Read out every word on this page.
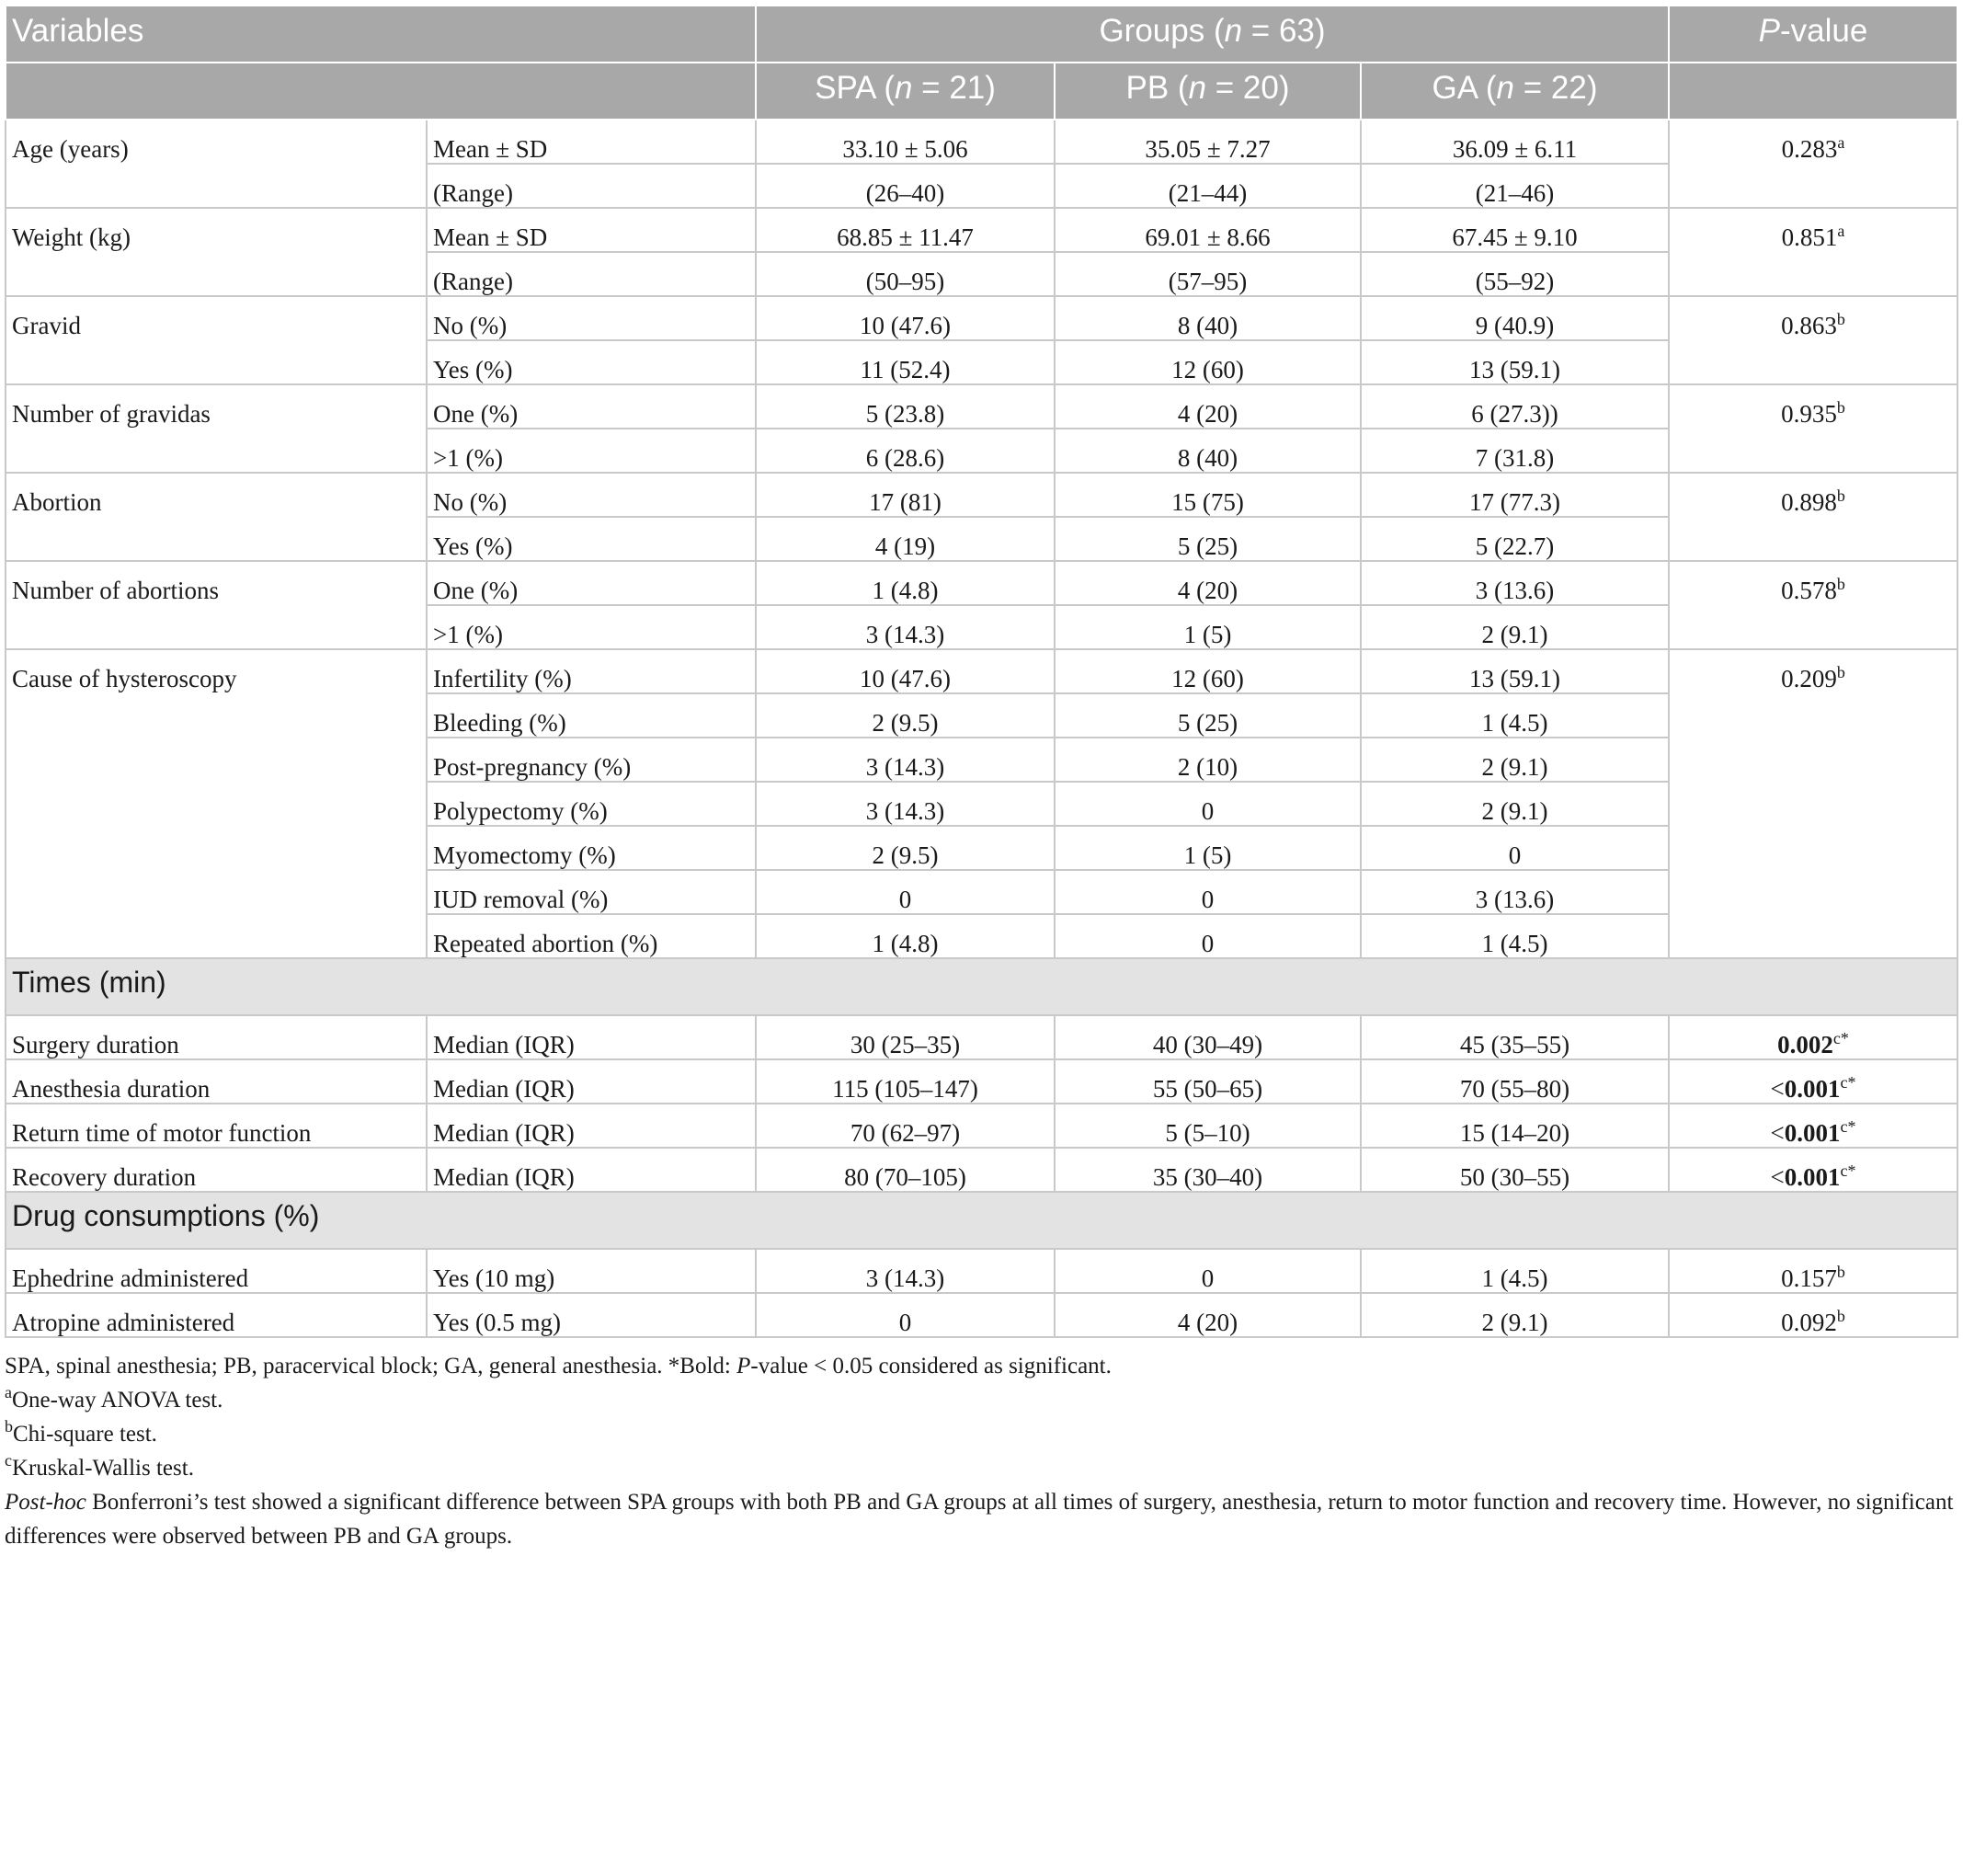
Variables		Groups (n = 63)			P-value
		SPA (n = 21)	PB (n = 20)	GA (n = 22)	
Age (years)	Mean ± SD	33.10 ± 5.06	35.05 ± 7.27	36.09 ± 6.11	0.283$^a$
	(Range)	(26–40)	(21–44)	(21–46)	
Weight (kg)	Mean ± SD	68.85 ± 11.47	69.01 ± 8.66	67.45 ± 9.10	0.851$^a$
	(Range)	(50–95)	(57–95)	(55–92)	
Gravid	No (%)	10 (47.6)	8 (40)	9 (40.9)	0.863$^b$
	Yes (%)	11 (52.4)	12 (60)	13 (59.1)	
Number of gravidas	One (%)	5 (23.8)	4 (20)	6 (27.3))	0.935$^b$
	>1 (%)	6 (28.6)	8 (40)	7 (31.8)	
Abortion	No (%)	17 (81)	15 (75)	17 (77.3)	0.898$^b$
	Yes (%)	4 (19)	5 (25)	5 (22.7)	
Number of abortions	One (%)	1 (4.8)	4 (20)	3 (13.6)	0.578$^b$
	>1 (%)	3 (14.3)	1 (5)	2 (9.1)	
Cause of hysteroscopy	Infertility (%)	10 (47.6)	12 (60)	13 (59.1)	0.209$^b$
	Bleeding (%)	2 (9.5)	5 (25)	1 (4.5)	
	Post-pregnancy (%)	3 (14.3)	2 (10)	2 (9.1)	
	Polypectomy (%)	3 (14.3)	0	2 (9.1)	
	Myomectomy (%)	2 (9.5)	1 (5)	0	
	IUD removal (%)	0	0	3 (13.6)	
	Repeated abortion (%)	1 (4.8)	0	1 (4.5)	
Times (min)					
Surgery duration	Median (IQR)	30 (25–35)	40 (30–49)	45 (35–55)	$0.002^{c*}$
Anesthesia duration	Median (IQR)	115 (105–147)	55 (50–65)	70 (55–80)	$<0.001^{c*}$
Return time of motor function	Median (IQR)	70 (62–97)	5 (5–10)	15 (14–20)	$<0.001^{c*}$
Recovery duration	Median (IQR)	80 (70–105)	35 (30–40)	50 (30–55)	$<0.001^{c*}$
Drug consumptions (%)					
Ephedrine administered	Yes (10 mg)	3 (14.3)	0	1 (4.5)	0.157$^b$
Atropine administered	Yes (0.5 mg)	0	4 (20)	2 (9.1)	0.092$^b$
SPA, spinal anesthesia; PB, paracervical block; GA, general anesthesia. *Bold: P-value < 0.05 considered as significant.
$^a$One-way ANOVA test.
$^b$Chi-square test.
$^c$Kruskal-Wallis test.
Post-hoc Bonferroni’s test showed a significant difference between SPA groups with both PB and GA groups at all times of surgery, anesthesia, return to motor function and recovery time. However, no significant differences were observed between PB and GA groups.
